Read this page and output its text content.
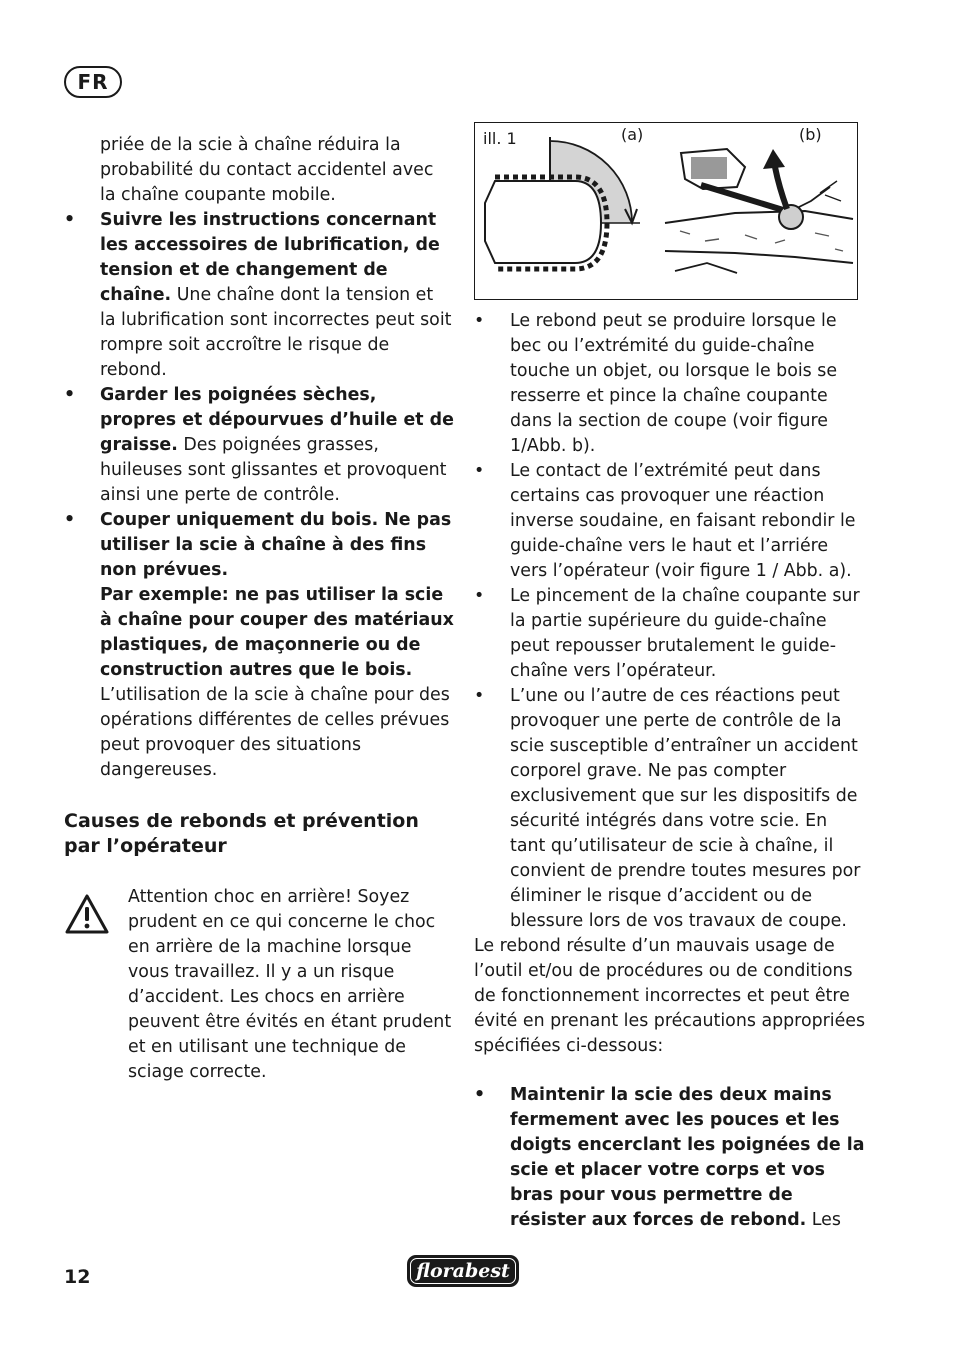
FR
priée de la scie à chaîne réduira la probabilité du contact accidentel avec la chaîne coupante mobile.
• Suivre les instructions concernant les accessoires de lubrification, de tension et de changement de chaîne. Une chaîne dont la tension et la lubrification sont incorrectes peut soit rompre soit accroître le risque de rebond.
• Garder les poignées sèches, propres et dépourvues d’huile et de graisse. Des poignées grasses, huileuses sont glissantes et provoquent ainsi une perte de contrôle.
• Couper uniquement du bois. Ne pas utiliser la scie à chaîne à des fins non prévues.
Par exemple: ne pas utiliser la scie à chaîne pour couper des matériaux plastiques, de maçonnerie ou de construction autres que le bois. L’utilisation de la scie à chaîne pour des opérations différentes de celles prévues peut provoquer des situations dangereuses.
Causes de rebonds et prévention par l’opérateur
Attention choc en arrière! Soyez prudent en ce qui concerne le choc en arrière de la machine lorsque vous travaillez. Il y a un risque d’accident. Les chocs en arrière peuvent être évités en étant prudent et en utilisant une technique de sciage correcte.
ill. 1	(a)	(b)
• Le rebond peut se produire lorsque le bec ou l’extrémité du guide-chaîne touche un objet, ou lorsque le bois se resserre et pince la chaîne coupante dans la section de coupe (voir figure 1/Abb. b).
• Le contact de l’extrémité peut dans certains cas provoquer une réaction inverse soudaine, en faisant rebondir le guide-chaîne vers le haut et l’arriére vers l’opérateur (voir figure 1 / Abb. a).
• Le pincement de la chaîne coupante sur la partie supérieure du guide-chaîne peut repousser brutalement le guide-chaîne vers l’opérateur.
• L’une ou l’autre de ces réactions peut provoquer une perte de contrôle de la scie susceptible d’entraîner un accident corporel grave. Ne pas compter exclusivement que sur les dispositifs de sécurité intégrés dans votre scie. En tant qu’utilisateur de scie à chaîne, il convient de prendre toutes mesures por éliminer le risque d’accident ou de blessure lors de vos travaux de coupe.
Le rebond résulte d’un mauvais usage de l’outil et/ou de procédures ou de conditions de fonctionnement incorrectes et peut être évité en prenant les précautions appropriées spécifiées ci-dessous:
• Maintenir la scie des deux mains fermement avec les pouces et les doigts encerclant les poignées de la scie et placer votre corps et vos bras pour vous permettre de résister aux forces de rebond. Les
12	florabest
